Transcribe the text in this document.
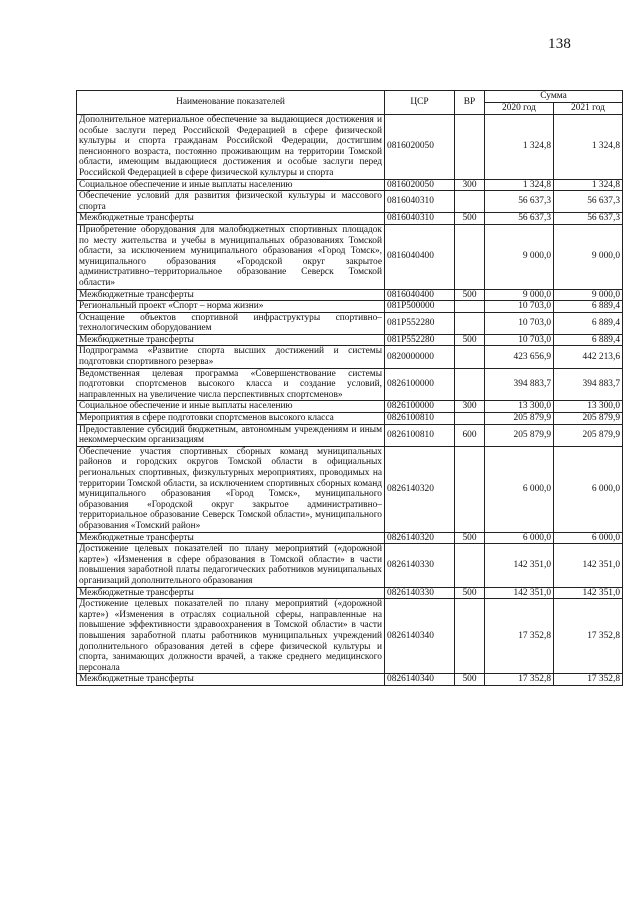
138
Наименование показателей	ЦСР	ВР	Сумма	
			2020 год	2021 год
Дополнительное материальное обеспечение за выдающиеся достижения и особые заслуги перед Российской Федерацией в сфере физической культуры и спорта гражданам Российской Федерации, достигшим пенсионного возраста, постоянно проживающим на территории Томской области, имеющим выдающиеся достижения и особые заслуги перед Российской Федерацией в сфере физической культуры и спорта	0816020050		1 324,8	1 324,8
Социальное обеспечение и иные выплаты населению	0816020050	300	1 324,8	1 324,8
Обеспечение условий для развития физической культуры и массового спорта	0816040310		56 637,3	56 637,3
Межбюджетные трансферты	0816040310	500	56 637,3	56 637,3
Приобретение оборудования для малобюджетных спортивных площадок по месту жительства и учебы в муниципальных образованиях Томской области, за исключением муниципального образования «Город Томск», муниципального образования «Городской округ закрытое административно–территориальное образование Северск Томской области»	0816040400		9 000,0	9 000,0
Межбюджетные трансферты	0816040400	500	9 000,0	9 000,0
Региональный проект «Спорт – норма жизни»	081P500000		10 703,0	6 889,4
Оснащение объектов спортивной инфраструктуры спортивно–технологическим оборудованием	081P552280		10 703,0	6 889,4
Межбюджетные трансферты	081P552280	500	10 703,0	6 889,4
Подпрограмма «Развитие спорта высших достижений и системы подготовки спортивного резерва»	0820000000		423 656,9	442 213,6
Ведомственная целевая программа «Совершенствование системы подготовки спортсменов высокого класса и создание условий, направленных на увеличение числа перспективных спортсменов»	0826100000		394 883,7	394 883,7
Социальное обеспечение и иные выплаты населению	0826100000	300	13 300,0	13 300,0
Мероприятия в сфере подготовки спортсменов высокого класса	0826100810		205 879,9	205 879,9
Предоставление субсидий бюджетным, автономным учреждениям и иным некоммерческим организациям	0826100810	600	205 879,9	205 879,9
Обеспечение участия спортивных сборных команд муниципальных районов и городских округов Томской области в официальных региональных спортивных, физкультурных мероприятиях, проводимых на территории Томской области, за исключением спортивных сборных команд муниципального образования «Город Томск», муниципального образования «Городской округ закрытое административно–территориальное образование Северск Томской области», муниципального образования «Томский район»	0826140320		6 000,0	6 000,0
Межбюджетные трансферты	0826140320	500	6 000,0	6 000,0
Достижение целевых показателей по плану мероприятий («дорожной карте») «Изменения в сфере образования в Томской области» в части повышения заработной платы педагогических работников муниципальных организаций дополнительного образования	0826140330		142 351,0	142 351,0
Межбюджетные трансферты	0826140330	500	142 351,0	142 351,0
Достижение целевых показателей по плану мероприятий («дорожной карте») «Изменения в отраслях социальной сферы, направленные на повышение эффективности здравоохранения в Томской области» в части повышения заработной платы работников муниципальных учреждений дополнительного образования детей в сфере физической культуры и спорта, занимающих должности врачей, а также среднего медицинского персонала	0826140340		17 352,8	17 352,8
Межбюджетные трансферты	0826140340	500	17 352,8	17 352,8
